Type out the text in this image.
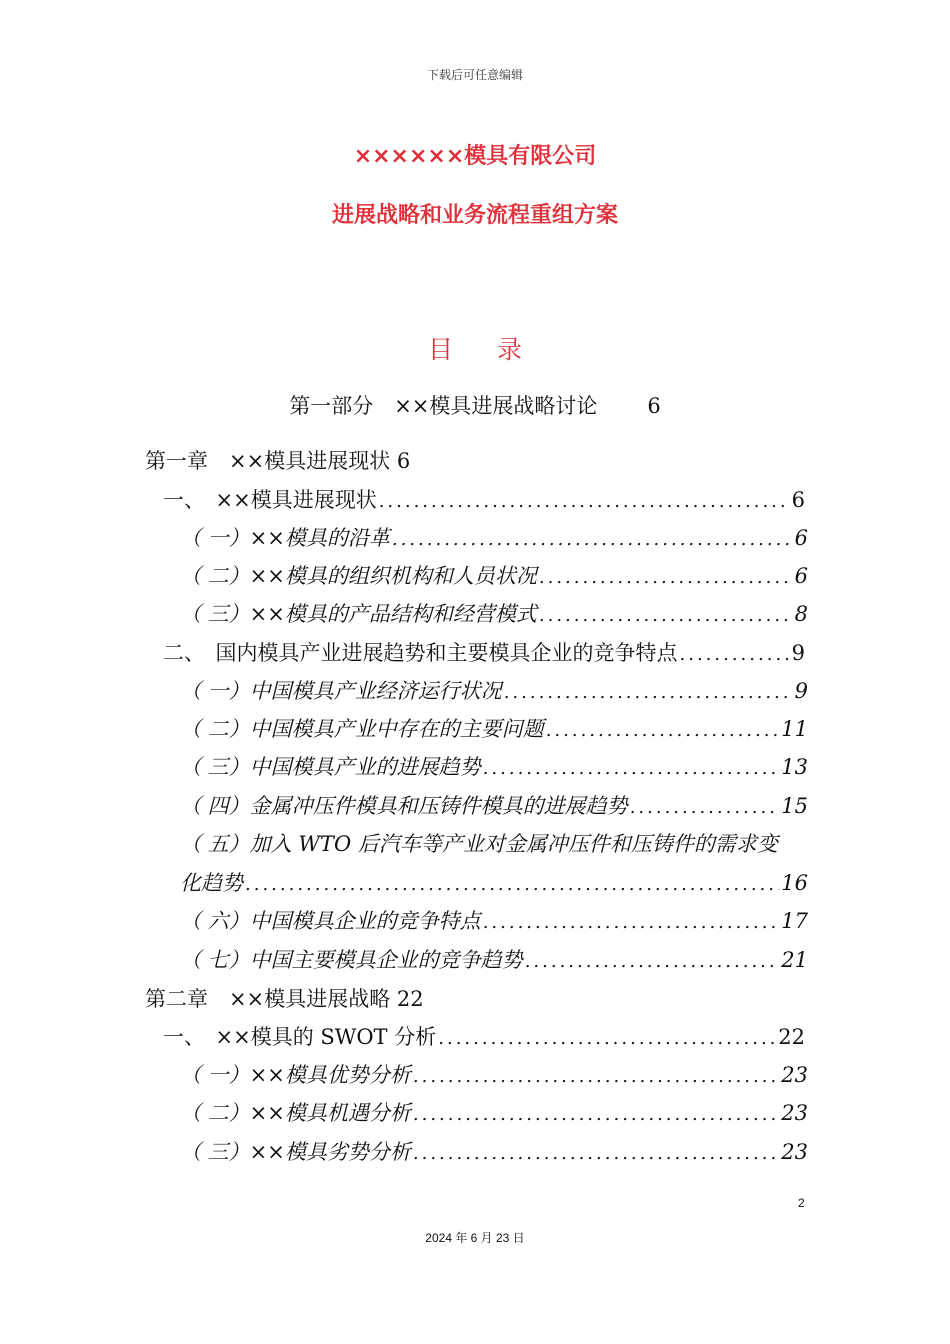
下载后可任意编辑
××××××模具有限公司
进展战略和业务流程重组方案
目录
第一部分　××模具进展战略讨论 6
第一章　××模具进展现状 6
一、　××模具进展现状 .....	6
（ 一）××模具的沿革 .....	6
（ 二）××模具的组织机构和人员状况 .....	6
（ 三）××模具的产品结构和经营模式 .....	8
二、　国内模具产业进展趋势和主要模具企业的竞争特点 .....	9
（ 一）中国模具产业经济运行状况 .....	9
（ 二）中国模具产业中存在的主要问题 .....	11
（ 三）中国模具产业的进展趋势 .....	13
（ 四）金属冲压件模具和压铸件模具的进展趋势 .....	15
（ 五）加入 WTO 后汽车等产业对金属冲压件和压铸件的需求变
化趋势 .....	16
（ 六）中国模具企业的竞争特点 .....	17
（ 七）中国主要模具企业的竞争趋势 .....	21
第二章　××模具进展战略 22
一、　××模具的 SWOT 分析 .....	22
（ 一）××模具优势分析 .....	23
（ 二）××模具机遇分析 .....	23
（ 三）××模具劣势分析 .....	23
2
2024 年 6 月 23 日
